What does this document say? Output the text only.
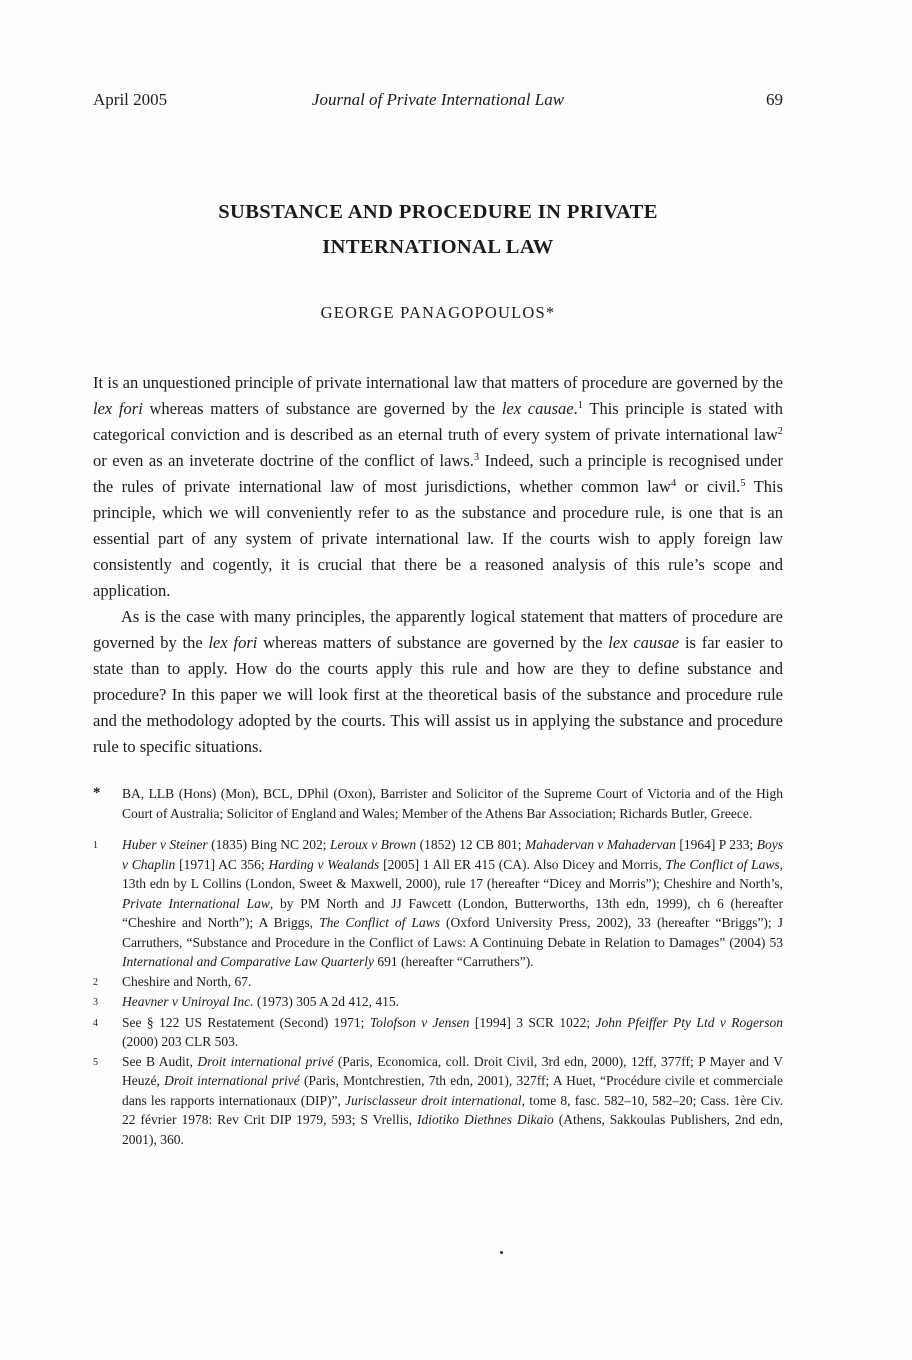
April 2005	Journal of Private International Law	69
SUBSTANCE AND PROCEDURE IN PRIVATE
INTERNATIONAL LAW
GEORGE PANAGOPOULOS*

It is an unquestioned principle of private international law that matters of procedure are governed by the lex fori whereas matters of substance are governed by the lex causae.$^1$ This principle is stated with categorical conviction and is described as an eternal truth of every system of private international law$^2$ or even as an inveterate doctrine of the conflict of laws.$^3$ Indeed, such a principle is recognised under the rules of private international law of most jurisdictions, whether common law$^4$ or civil.$^5$ This principle, which we will conveniently refer to as the substance and procedure rule, is one that is an essential part of any system of private international law. If the courts wish to apply foreign law consistently and cogently, it is crucial that there be a reasoned analysis of this rule’s scope and application.

As is the case with many principles, the apparently logical statement that matters of procedure are governed by the lex fori whereas matters of substance are governed by the lex causae is far easier to state than to apply. How do the courts apply this rule and how are they to define substance and procedure? In this paper we will look first at the theoretical basis of the substance and procedure rule and the methodology adopted by the courts. This will assist us in applying the substance and procedure rule to specific situations.

*	BA, LLB (Hons) (Mon), BCL, DPhil (Oxon), Barrister and Solicitor of the Supreme Court of Victoria and of the High Court of Australia; Solicitor of England and Wales; Member of the Athens Bar Association; Richards Butler, Greece.
1	Huber v Steiner (1835) Bing NC 202; Leroux v Brown (1852) 12 CB 801; Mahadervan v Mahadervan [1964] P 233; Boys v Chaplin [1971] AC 356; Harding v Wealands [2005] 1 All ER 415 (CA). Also Dicey and Morris, The Conflict of Laws, 13th edn by L Collins (London, Sweet & Maxwell, 2000), rule 17 (hereafter “Dicey and Morris”); Cheshire and North’s, Private International Law, by PM North and JJ Fawcett (London, Butterworths, 13th edn, 1999), ch 6 (hereafter “Cheshire and North”); A Briggs, The Conflict of Laws (Oxford University Press, 2002), 33 (hereafter “Briggs”); J Carruthers, “Substance and Procedure in the Conflict of Laws: A Continuing Debate in Relation to Damages” (2004) 53 International and Comparative Law Quarterly 691 (hereafter “Carruthers”).
2	Cheshire and North, 67.
3	Heavner v Uniroyal Inc. (1973) 305 A 2d 412, 415.
4	See § 122 US Restatement (Second) 1971; Tolofson v Jensen [1994] 3 SCR 1022; John Pfeiffer Pty Ltd v Rogerson (2000) 203 CLR 503.
5	See B Audit, Droit international privé (Paris, Economica, coll. Droit Civil, 3rd edn, 2000), 12ff, 377ff; P Mayer and V Heuzé, Droit international privé (Paris, Montchrestien, 7th edn, 2001), 327ff; A Huet, “Procédure civile et commerciale dans les rapports internationaux (DIP)”, Jurisclasseur droit international, tome 8, fasc. 582–10, 582–20; Cass. 1ère Civ. 22 février 1978: Rev Crit DIP 1979, 593; S Vrellis, Idiotiko Diethnes Dikaio (Athens, Sakkoulas Publishers, 2nd edn, 2001), 360.
